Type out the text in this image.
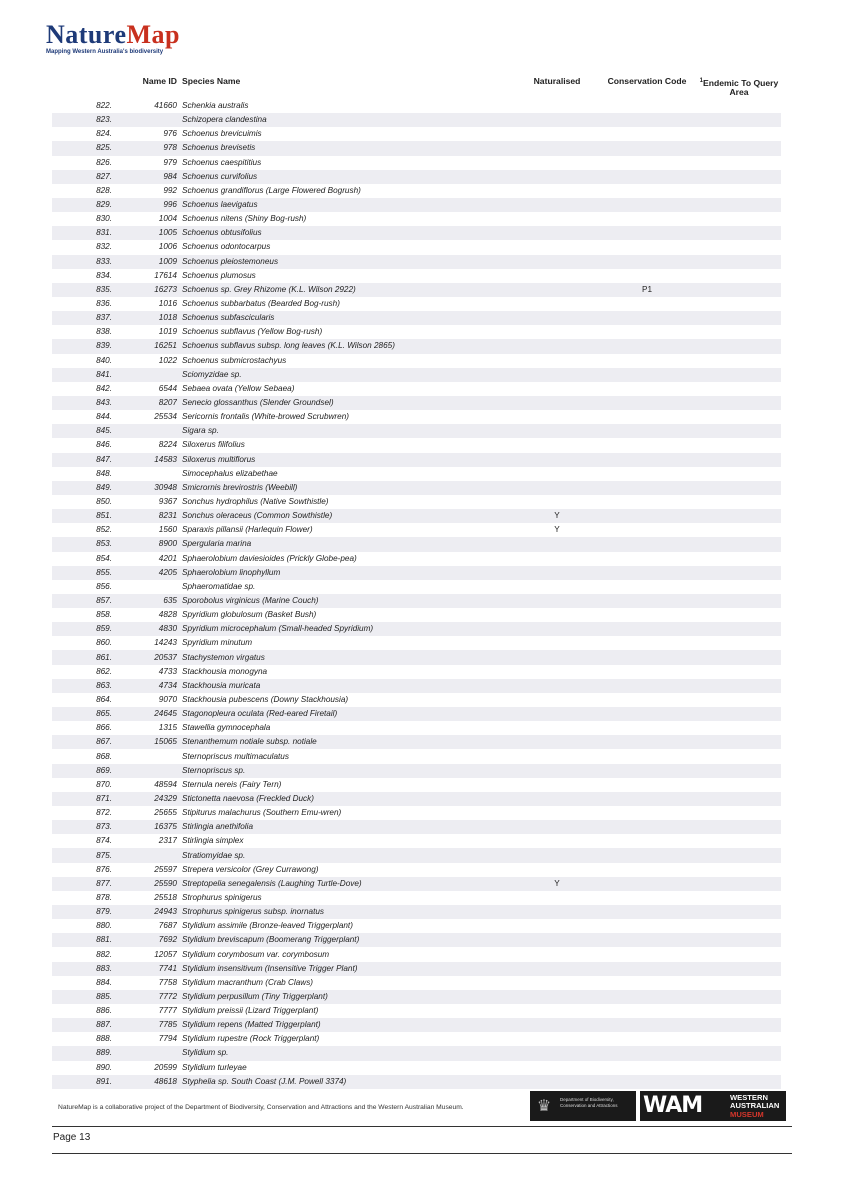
NatureMap
Mapping Western Australia's biodiversity
	Name ID	Species Name	Naturalised	Conservation Code	$^1$Endemic To Query Area
822.	41660	Schenkia australis			
823.		Schizopera clandestina			
824.	976	Schoenus brevicuimis			
825.	978	Schoenus brevisetis			
826.	979	Schoenus caespititius			
827.	984	Schoenus curvifolius			
828.	992	Schoenus grandiflorus (Large Flowered Bogrush)			
829.	996	Schoenus laevigatus			
830.	1004	Schoenus nitens (Shiny Bog-rush)			
831.	1005	Schoenus obtusifolius			
832.	1006	Schoenus odontocarpus			
833.	1009	Schoenus pleiostemoneus			
834.	17614	Schoenus plumosus			
835.	16273	Schoenus sp. Grey Rhizome (K.L. Wilson 2922)		P1	
836.	1016	Schoenus subbarbatus (Bearded Bog-rush)			
837.	1018	Schoenus subfascicularis			
838.	1019	Schoenus subflavus (Yellow Bog-rush)			
839.	16251	Schoenus subflavus subsp. long leaves (K.L. Wilson 2865)			
840.	1022	Schoenus submicrostachyus			
841.		Sciomyzidae sp.			
842.	6544	Sebaea ovata (Yellow Sebaea)			
843.	8207	Senecio glossanthus (Slender Groundsel)			
844.	25534	Sericornis frontalis (White-browed Scrubwren)			
845.		Sigara sp.			
846.	8224	Siloxerus filifolius			
847.	14583	Siloxerus multiflorus			
848.		Simocephalus elizabethae			
849.	30948	Smicrornis brevirostris (Weebill)			
850.	9367	Sonchus hydrophilus (Native Sowthistle)			
851.	8231	Sonchus oleraceus (Common Sowthistle)	Y		
852.	1560	Sparaxis pillansii (Harlequin Flower)	Y		
853.	8900	Spergularia marina			
854.	4201	Sphaerolobium daviesioides (Prickly Globe-pea)			
855.	4205	Sphaerolobium linophyllum			
856.		Sphaeromatidae sp.			
857.	635	Sporobolus virginicus (Marine Couch)			
858.	4828	Spyridium globulosum (Basket Bush)			
859.	4830	Spyridium microcephalum (Small-headed Spyridium)			
860.	14243	Spyridium minutum			
861.	20537	Stachystemon virgatus			
862.	4733	Stackhousia monogyna			
863.	4734	Stackhousia muricata			
864.	9070	Stackhousia pubescens (Downy Stackhousia)			
865.	24645	Stagonopleura oculata (Red-eared Firetail)			
866.	1315	Stawellia gymnocephala			
867.	15065	Stenanthemum notiale subsp. notiale			
868.		Sternopriscus multimaculatus			
869.		Sternopriscus sp.			
870.	48594	Sternula nereis (Fairy Tern)			
871.	24329	Stictonetta naevosa (Freckled Duck)			
872.	25655	Stipiturus malachurus (Southern Emu-wren)			
873.	16375	Stirlingia anethifolia			
874.	2317	Stirlingia simplex			
875.		Stratiomyidae sp.			
876.	25597	Strepera versicolor (Grey Currawong)			
877.	25590	Streptopelia senegalensis (Laughing Turtle-Dove)	Y		
878.	25518	Strophurus spinigerus			
879.	24943	Strophurus spinigerus subsp. inornatus			
880.	7687	Stylidium assimile (Bronze-leaved Triggerplant)			
881.	7692	Stylidium breviscapum (Boomerang Triggerplant)			
882.	12057	Stylidium corymbosum var. corymbosum			
883.	7741	Stylidium insensitivum (Insensitive Trigger Plant)			
884.	7758	Stylidium macranthum (Crab Claws)			
885.	7772	Stylidium perpusillum (Tiny Triggerplant)			
886.	7777	Stylidium preissii (Lizard Triggerplant)			
887.	7785	Stylidium repens (Matted Triggerplant)			
888.	7794	Stylidium rupestre (Rock Triggerplant)			
889.		Stylidium sp.			
890.	20599	Stylidium turleyae			
891.	48618	Styphelia sp. South Coast (J.M. Powell 3374)			
NatureMap is a collaborative project of the Department of Biodiversity, Conservation and Attractions and the Western Australian Museum.	♛	Department of Biodiversity, Conservation and Attractions	WAM	WESTERN
AUSTRALIAN
MUSEUM
Page 13
